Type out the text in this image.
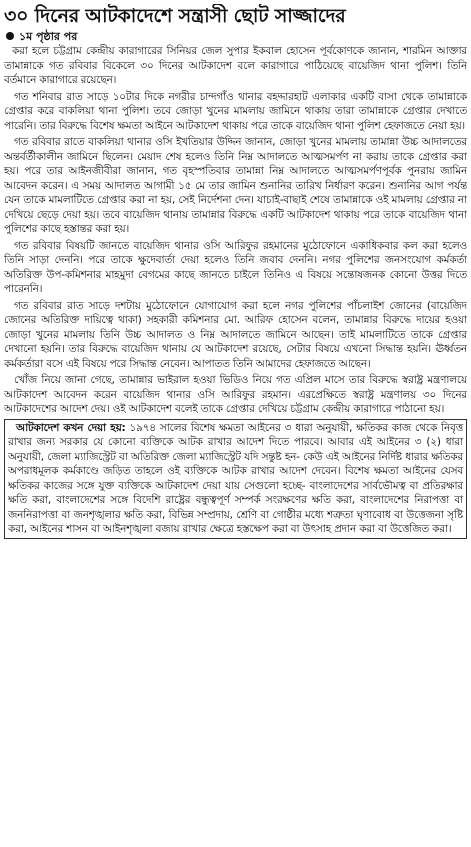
৩০ দিনের আটকাদেশে সন্ত্রাসী ছোট সাজ্জাদের
১ম পৃষ্ঠার পর

করা হলে চট্টগ্রাম কেন্দ্রীয় কারাগারের সিনিয়র জেল সুপার ইকবাল হোসেন পূর্বকোণকে জানান, শারমিন আক্তার তামান্নাকে গত রবিবার বিকেলে ৩০ দিনের আটকাদেশ বলে কারাগারে পাঠিয়েছে বায়েজিদ থানা পুলিশ। তিনি বর্তমানে কারাগারে রয়েছেন।

গত শনিবার রাত সাড়ে ১০টার দিকে নগরীর চান্দগাঁও থানার বহদ্দারহাট এলাকার একটি বাসা থেকে তামান্নাকে গ্রেপ্তার করে বাকলিয়া থানা পুলিশ। তবে জোড়া খুনের মামলায় জামিনে থাকায় তারা তামান্নাকে গ্রেপ্তার দেখাতে পারেনি। তার বিরুদ্ধে বিশেষ ক্ষমতা আইনে আটকাদেশ থাকায় পরে তাকে বায়েজিদ থানা পুলিশ হেফাজতে নেয়া হয়।

গত রবিবার রাতে বাকলিয়া থানার ওসি ইখতিয়ার উদ্দিন জানান, জোড়া খুনের মামলায় তামান্না উচ্চ আদালতের অন্তর্বর্তীকালীন জামিনে ছিলেন। মেয়াদ শেষ হলেও তিনি নিম্ন আদালতে আত্মসমর্পণ না করায় তাকে গ্রেপ্তার করা হয়। পরে তার আইনজীবীরা জানান, গত বৃহস্পতিবার তামান্না নিম্ন আদালতে আত্মসমর্পণপূর্বক পুনরায় জামিন আবেদন করেন। এ সময় আদালত আগামী ১৫ মে তার জামিন শুনানির তারিখ নির্ধারণ করেন। শুনানির আগ পর্যন্ত যেন তাকে মামলাটিতে গ্রেপ্তার করা না হয়, সেই নির্দেশনা দেন। যাচাই-বাছাই শেষে তামান্নাকে ওই মামলায় গ্রেপ্তার না দেখিয়ে ছেড়ে দেয়া হয়। তবে বায়েজিদ থানায় তামান্নার বিরুদ্ধে একটি আটকাদেশ থাকায় পরে তাকে বায়েজিদ থানা পুলিশের কাছে হস্তান্তর করা হয়।

গত রবিবার বিষয়টি জানতে বায়েজিদ থানার ওসি আরিফুর রহমানের মুঠোফোনে একাধিকবার কল করা হলেও তিনি সাড়া দেননি। পরে তাকে ক্ষুদেবার্তা দেয়া হলেও তিনি জবাব দেননি। নগর পুলিশের জনসংযোগ কর্মকর্তা অতিরিক্ত উপ-কমিশনার মাহমুদা বেগমের কাছে জানতে চাইলে তিনিও এ বিষয়ে সন্তোষজনক কোনো উত্তর দিতে পারেননি।

গত রবিবার রাত সাড়ে দশটায় মুঠোফোনে যোগাযোগ করা হলে নগর পুলিশের পাঁচলাইশ জোনের (বায়েজিদ জোনের অতিরিক্ত দায়িত্বে থাকা) সহকারী কমিশনার মো. আরিফ হোসেন বলেন, তামান্নার বিরুদ্ধে দায়ের হওয়া জোড়া খুনের মামলায় তিনি উচ্চ আদালত ও নিম্ন আদালতে জামিনে আছেন। তাই মামলাটিতে তাকে গ্রেপ্তার দেখানো হয়নি। তার বিরুদ্ধে বায়েজিদ থানায় যে আটকাদেশ রয়েছে, সেটার বিষয়ে এখনো সিদ্ধান্ত হয়নি। ঊর্ধ্বতন কর্মকর্তারা বসে এই বিষয়ে পরে সিদ্ধান্ত নেবেন। আপাতত তিনি আমাদের হেফাজতে আছেন।

খোঁজ নিয়ে জানা গেছে, তামান্নার ভাইরাল হওয়া ভিডিও নিয়ে গত এপ্রিল মাসে তার বিরুদ্ধে স্বরাষ্ট্র মন্ত্রণালয়ে আটকাদেশ আবেদন করেন বায়েজিদ থানার ওসি আরিফুর রহমান। এরপ্রেক্ষিতে স্বরাষ্ট্র মন্ত্রণালয় ৩০ দিনের আটকাদেশের আদেশ দেয়। ওই আটকাদেশ বলেই তাকে গ্রেপ্তার দেখিয়ে চট্টগ্রাম কেন্দ্রীয় কারাগারে পাঠানো হয়।

আটকাদেশ কখন দেয়া হয়: ১৯৭৪ সালের বিশেষ ক্ষমতা আইনের ৩ ধারা অনুযায়ী, ক্ষতিকর কাজ থেকে নিবৃত্ত রাখার জন্য সরকার যে কোনো ব্যক্তিকে আটক রাখার আদেশ দিতে পারবে। আবার এই আইনের ৩ (২) ধারা অনুযায়ী, জেলা ম্যাজিস্ট্রেট বা অতিরিক্ত জেলা ম্যাজিস্ট্রেট যদি সন্তুষ্ট হন- কেউ এই আইনের নির্দিষ্ট ধারার ক্ষতিকর অপরাধমূলক কর্মকাণ্ডে জড়িত তাহলে ওই ব্যক্তিকে আটক রাখার আদেশ দেবেন। বিশেষ ক্ষমতা আইনের যেসব ক্ষতিকর কাজের সঙ্গে যুক্ত ব্যক্তিকে আটকাদেশ দেয়া যায় সেগুলো হচ্ছে- বাংলাদেশের সার্বভৌমত্ব বা প্রতিরক্ষার ক্ষতি করা, বাংলাদেশের সঙ্গে বিদেশি রাষ্ট্রের বন্ধুত্বপূর্ণ সম্পর্ক সংরক্ষণের ক্ষতি করা, বাংলাদেশের নিরাপত্তা বা জননিরাপত্তা বা জনশৃঙ্খলার ক্ষতি করা, বিভিন্ন সম্প্রদায়, শ্রেণি বা গোষ্ঠীর মধ্যে শত্রুতা ঘৃণাবোধ বা উত্তেজনা সৃষ্টি করা, আইনের শাসন বা আইনশৃঙ্খলা বজায় রাখার ক্ষেত্রে হস্তক্ষেপ করা বা উৎসাহ প্রদান করা বা উত্তেজিত করা।
